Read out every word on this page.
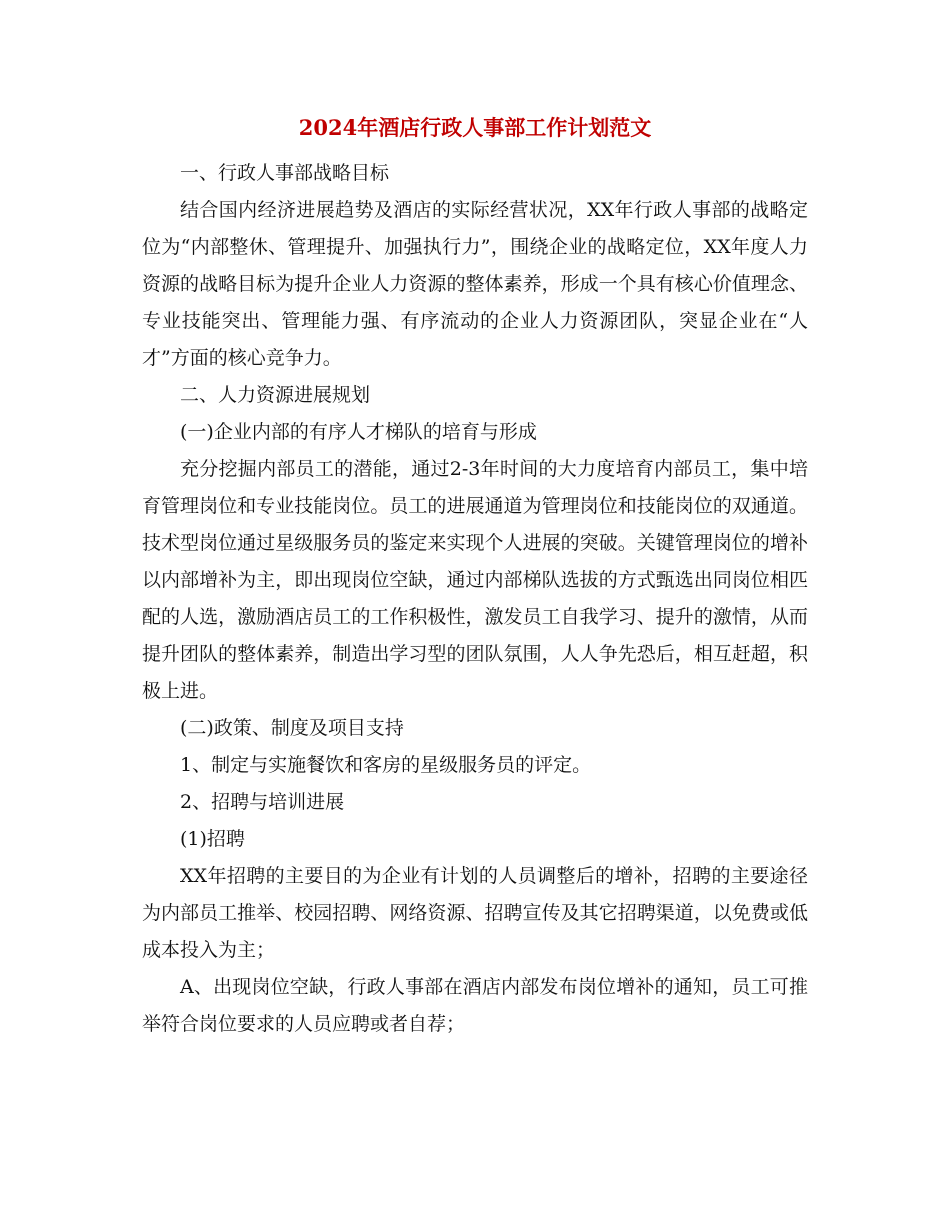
2024年酒店行政人事部工作计划范文

一、行政人事部战略目标

结合国内经济进展趋势及酒店的实际经营状况，XX年行政人事部的战略定位为“内部整休、管理提升、加强执行力”，围绕企业的战略定位，XX年度人力资源的战略目标为提升企业人力资源的整体素养，形成一个具有核心价值理念、专业技能突出、管理能力强、有序流动的企业人力资源团队，突显企业在“人才”方面的核心竞争力。

二、人力资源进展规划

(一)企业内部的有序人才梯队的培育与形成

充分挖掘内部员工的潜能，通过2-3年时间的大力度培育内部员工，集中培育管理岗位和专业技能岗位。员工的进展通道为管理岗位和技能岗位的双通道。技术型岗位通过星级服务员的鉴定来实现个人进展的突破。关键管理岗位的增补以内部增补为主，即出现岗位空缺，通过内部梯队选拔的方式甄选出同岗位相匹配的人选，激励酒店员工的工作积极性，激发员工自我学习、提升的激情，从而提升团队的整体素养，制造出学习型的团队氛围，人人争先恐后，相互赶超，积极上进。

(二)政策、制度及项目支持

1、制定与实施餐饮和客房的星级服务员的评定。

2、招聘与培训进展

(1)招聘

XX年招聘的主要目的为企业有计划的人员调整后的增补，招聘的主要途径为内部员工推举、校园招聘、网络资源、招聘宣传及其它招聘渠道，以免费或低成本投入为主；

A、出现岗位空缺，行政人事部在酒店内部发布岗位增补的通知，员工可推举符合岗位要求的人员应聘或者自荐；
